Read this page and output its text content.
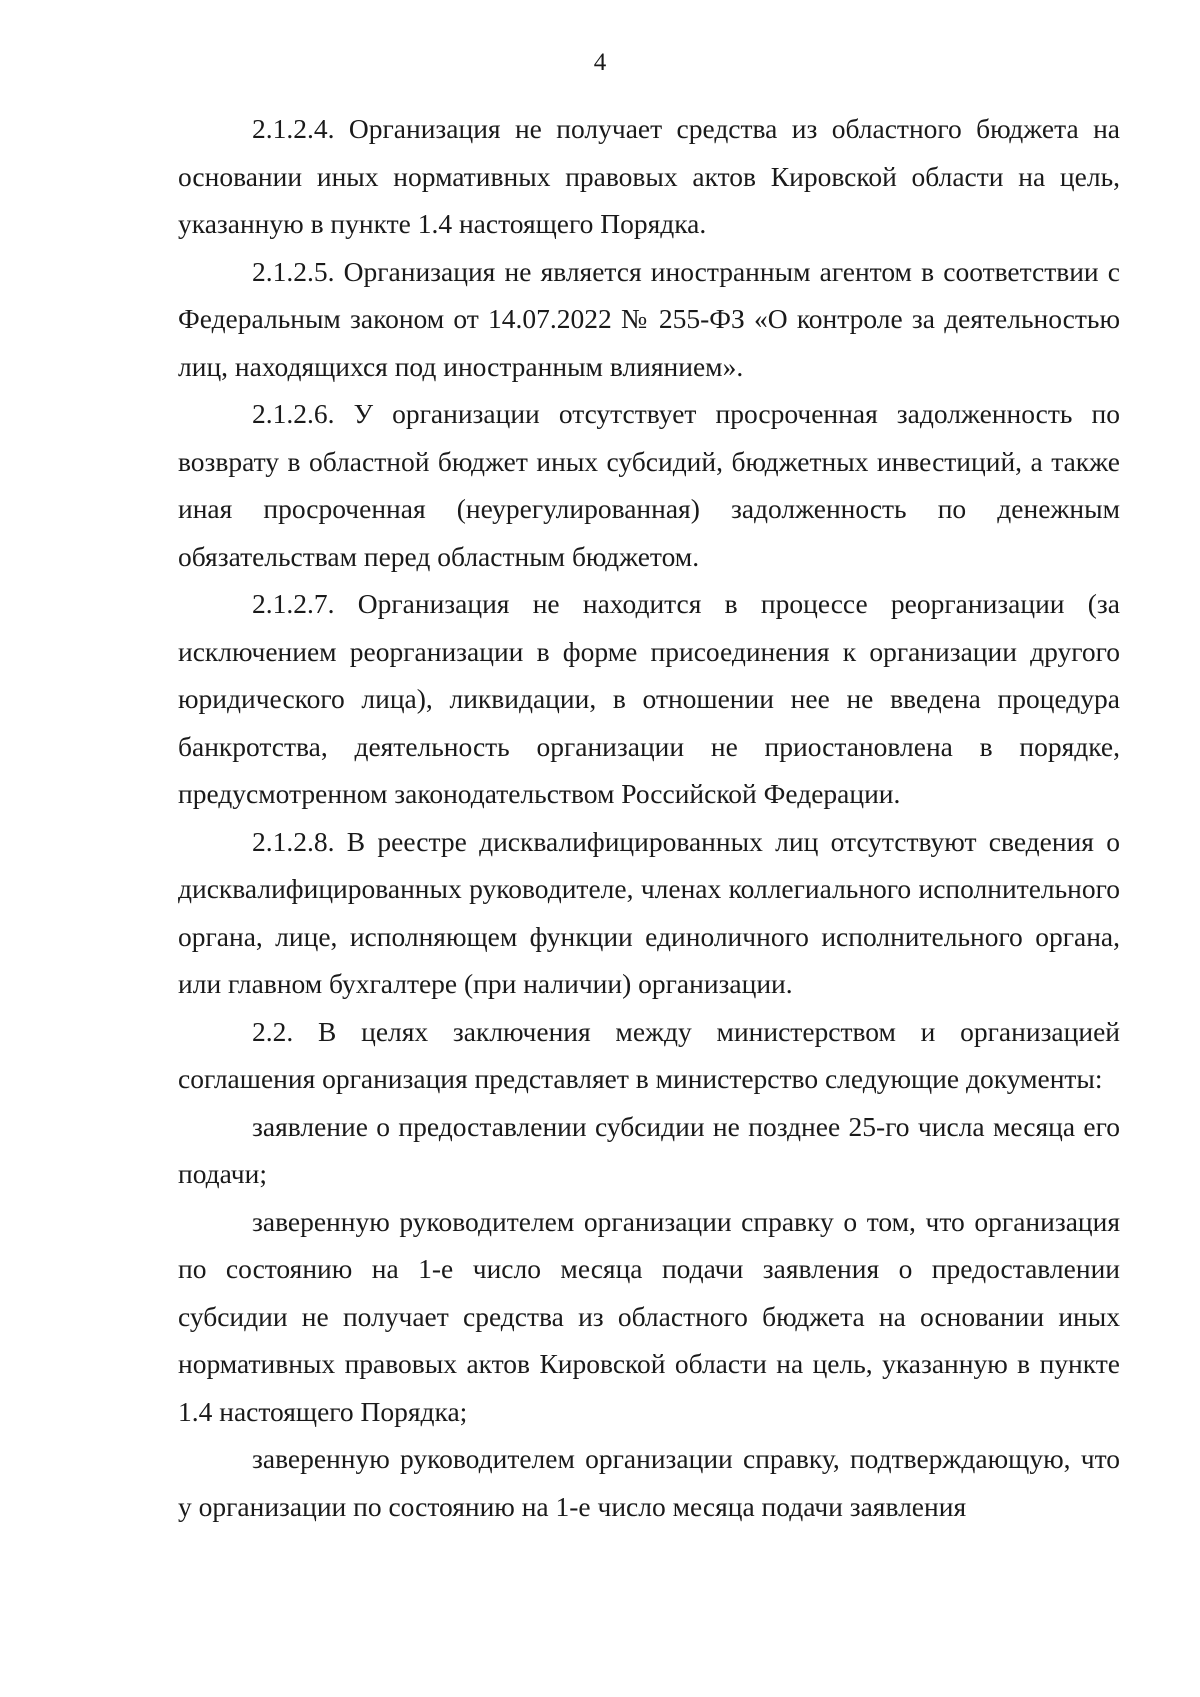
4

2.1.2.4. Организация не получает средства из областного бюджета на основании иных нормативных правовых актов Кировской области на цель, указанную в пункте 1.4 настоящего Порядка.

2.1.2.5. Организация не является иностранным агентом в соответствии с Федеральным законом от 14.07.2022 № 255-ФЗ «О контроле за деятельностью лиц, находящихся под иностранным влиянием».

2.1.2.6. У организации отсутствует просроченная задолженность по возврату в областной бюджет иных субсидий, бюджетных инвестиций, а также иная просроченная (неурегулированная) задолженность по денежным обязательствам перед областным бюджетом.

2.1.2.7. Организация не находится в процессе реорганизации (за исключением реорганизации в форме присоединения к организации другого юридического лица), ликвидации, в отношении нее не введена процедура банкротства, деятельность организации не приостановлена в порядке, предусмотренном законодательством Российской Федерации.

2.1.2.8. В реестре дисквалифицированных лиц отсутствуют сведения о дисквалифицированных руководителе, членах коллегиального исполнительного органа, лице, исполняющем функции единоличного исполнительного органа, или главном бухгалтере (при наличии) организации.

2.2. В целях заключения между министерством и организацией соглашения организация представляет в министерство следующие документы:

заявление о предоставлении субсидии не позднее 25-го числа месяца его подачи;

заверенную руководителем организации справку о том, что организация по состоянию на 1-е число месяца подачи заявления о предоставлении субсидии не получает средства из областного бюджета на основании иных нормативных правовых актов Кировской области на цель, указанную в пункте 1.4 настоящего Порядка;

заверенную руководителем организации справку, подтверждающую, что у организации по состоянию на 1-е число месяца подачи заявления
